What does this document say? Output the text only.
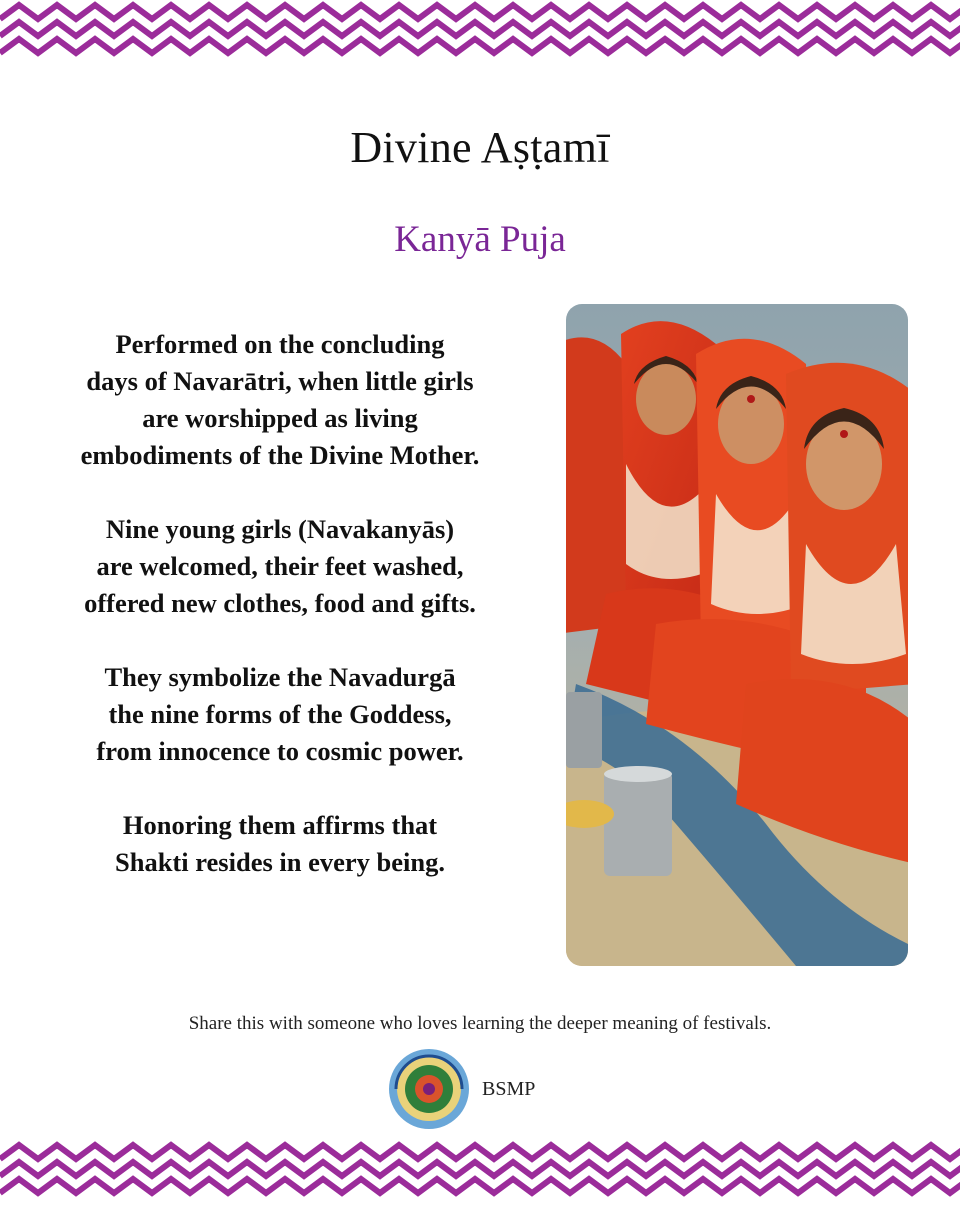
Divine Aṣṭamī
Kanyā Puja

Performed on the concluding
days of Navarātri, when little girls
are worshipped as living
embodiments of the Divine Mother.

Nine young girls (Navakanyās)
are welcomed, their feet washed,
offered new clothes, food and gifts.

They symbolize the Navadurgā
the nine forms of the Goddess,
from innocence to cosmic power.

Honoring them affirms that
Shakti resides in every being.

Share this with someone who loves learning the deeper meaning of festivals.
BSMP
